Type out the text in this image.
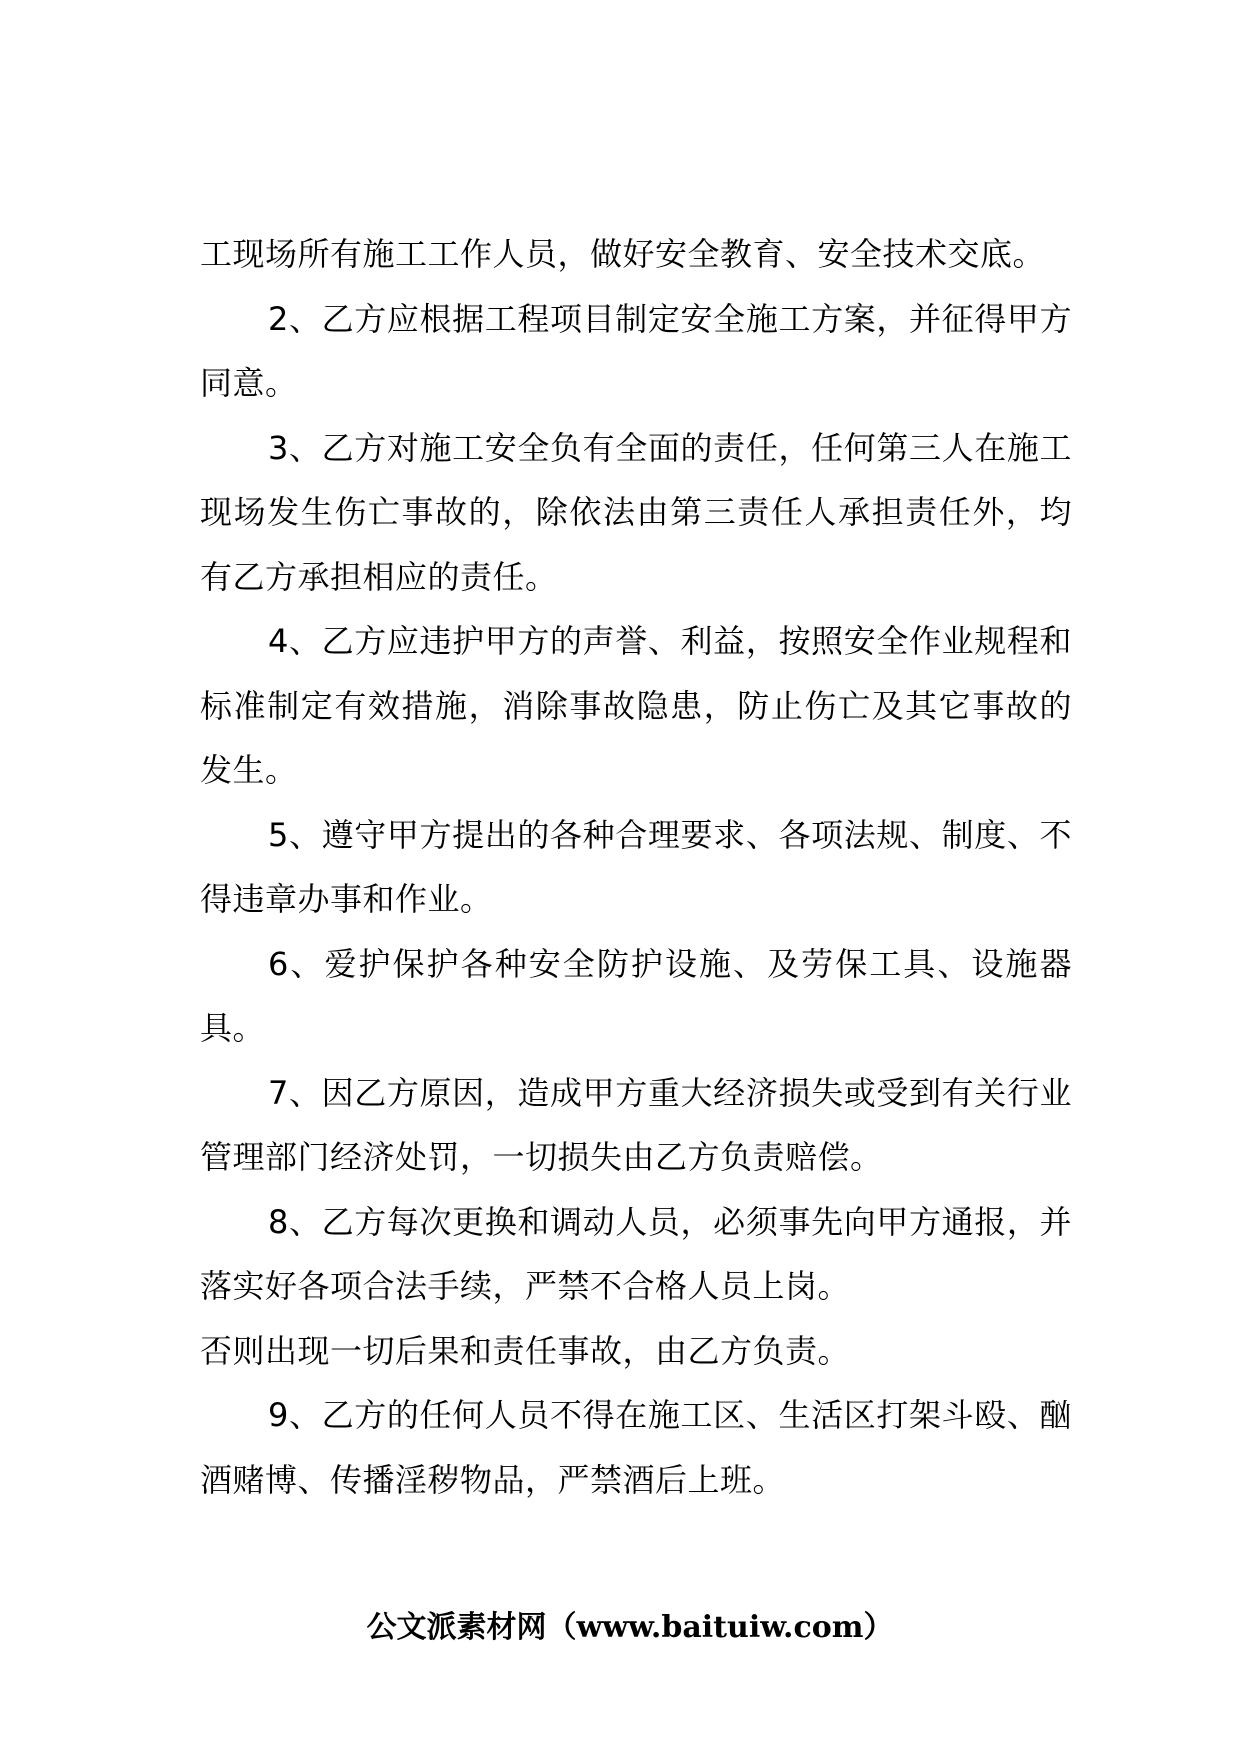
工现场所有施工工作人员，做好安全教育、安全技术交底。

2、乙方应根据工程项目制定安全施工方案，并征得甲方同意。

3、乙方对施工安全负有全面的责任，任何第三人在施工现场发生伤亡事故的，除依法由第三责任人承担责任外，均有乙方承担相应的责任。

4、乙方应违护甲方的声誉、利益，按照安全作业规程和标准制定有效措施，消除事故隐患，防止伤亡及其它事故的发生。

5、遵守甲方提出的各种合理要求、各项法规、制度、不得违章办事和作业。

6、爱护保护各种安全防护设施、及劳保工具、设施器具。

7、因乙方原因，造成甲方重大经济损失或受到有关行业管理部门经济处罚，一切损失由乙方负责赔偿。

8、乙方每次更换和调动人员，必须事先向甲方通报，并落实好各项合法手续，严禁不合格人员上岗。

否则出现一切后果和责任事故，由乙方负责。

9、乙方的任何人员不得在施工区、生活区打架斗殴、酗酒赌博、传播淫秽物品，严禁酒后上班。

公文派素材网（www.baituiw.com）
